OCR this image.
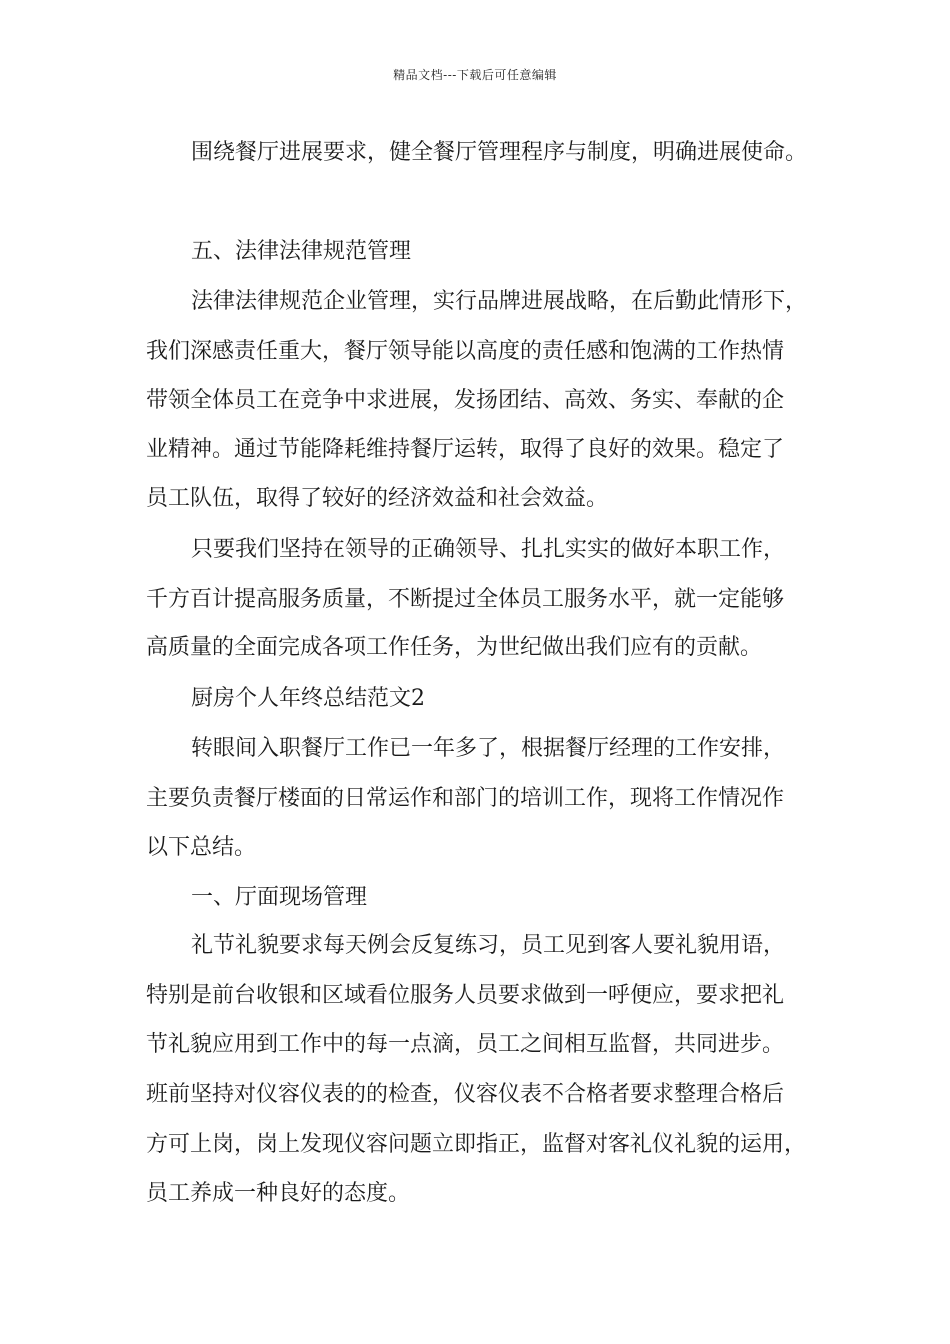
精品文档---下载后可任意编辑
围绕餐厅进展要求，健全餐厅管理程序与制度，明确进展使命。
五、法律法律规范管理
法律法律规范企业管理，实行品牌进展战略，在后勤此情形下，
我们深感责任重大，餐厅领导能以高度的责任感和饱满的工作热情
带领全体员工在竞争中求进展，发扬团结、高效、务实、奉献的企
业精神。通过节能降耗维持餐厅运转，取得了良好的效果。稳定了
员工队伍，取得了较好的经济效益和社会效益。
只要我们坚持在领导的正确领导、扎扎实实的做好本职工作，
千方百计提高服务质量，不断提过全体员工服务水平，就一定能够
高质量的全面完成各项工作任务，为世纪做出我们应有的贡献。
厨房个人年终总结范文2
转眼间入职餐厅工作已一年多了，根据餐厅经理的工作安排，
主要负责餐厅楼面的日常运作和部门的培训工作，现将工作情况作
以下总结。
一、厅面现场管理
礼节礼貌要求每天例会反复练习，员工见到客人要礼貌用语，
特别是前台收银和区域看位服务人员要求做到一呼便应，要求把礼
节礼貌应用到工作中的每一点滴，员工之间相互监督，共同进步。
班前坚持对仪容仪表的的检查，仪容仪表不合格者要求整理合格后
方可上岗，岗上发现仪容问题立即指正，监督对客礼仪礼貌的运用，
员工养成一种良好的态度。
